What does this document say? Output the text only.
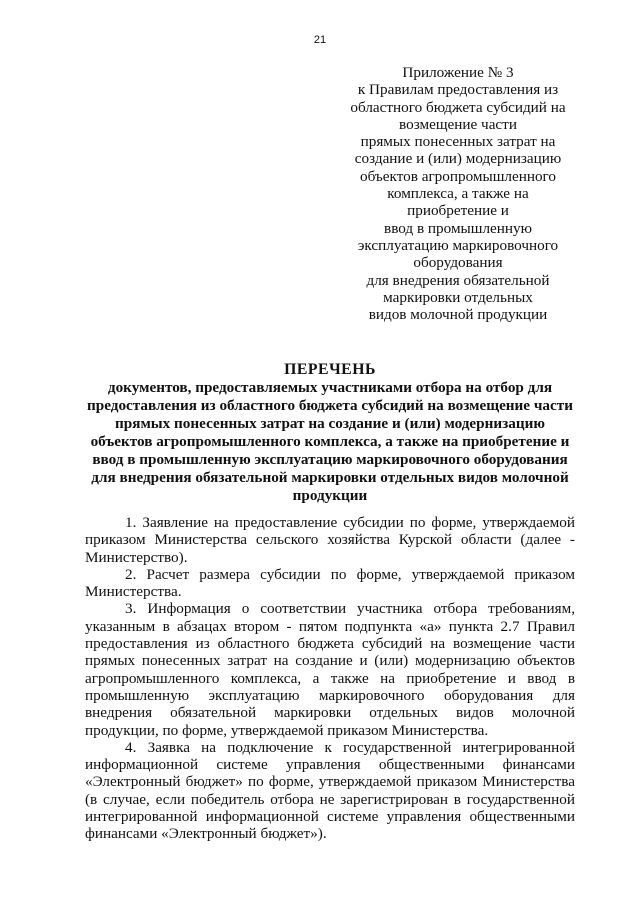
21
Приложение № 3
к Правилам предоставления из
областного бюджета субсидий на
возмещение части
прямых понесенных затрат на
создание и (или) модернизацию
объектов агропромышленного
комплекса, а также на
приобретение и
ввод в промышленную
эксплуатацию маркировочного
оборудования
для внедрения обязательной
маркировки отдельных
видов молочной продукции
ПЕРЕЧЕНЬ
документов, предоставляемых участниками отбора на отбор для
предоставления из областного бюджета субсидий на возмещение части
прямых понесенных затрат на создание и (или) модернизацию
объектов агропромышленного комплекса, а также на приобретение и
ввод в промышленную эксплуатацию маркировочного оборудования
для внедрения обязательной маркировки отдельных видов молочной
продукции
1. Заявление на предоставление субсидии по форме, утверждаемой
приказом Министерства сельского хозяйства Курской области (далее -
Министерство).
2. Расчет размера субсидии по форме, утверждаемой приказом
Министерства.
3. Информация о соответствии участника отбора требованиям,
указанным в абзацах втором - пятом подпункта «а» пункта 2.7 Правил
предоставления из областного бюджета субсидий на возмещение части
прямых понесенных затрат на создание и (или) модернизацию объектов
агропромышленного комплекса, а также на приобретение и ввод в
промышленную эксплуатацию маркировочного оборудования для
внедрения обязательной маркировки отдельных видов молочной
продукции, по форме, утверждаемой приказом Министерства.
4. Заявка на подключение к государственной интегрированной
информационной системе управления общественными финансами
«Электронный бюджет» по форме, утверждаемой приказом Министерства
(в случае, если победитель отбора не зарегистрирован в государственной
интегрированной информационной системе управления общественными
финансами «Электронный бюджет»).
